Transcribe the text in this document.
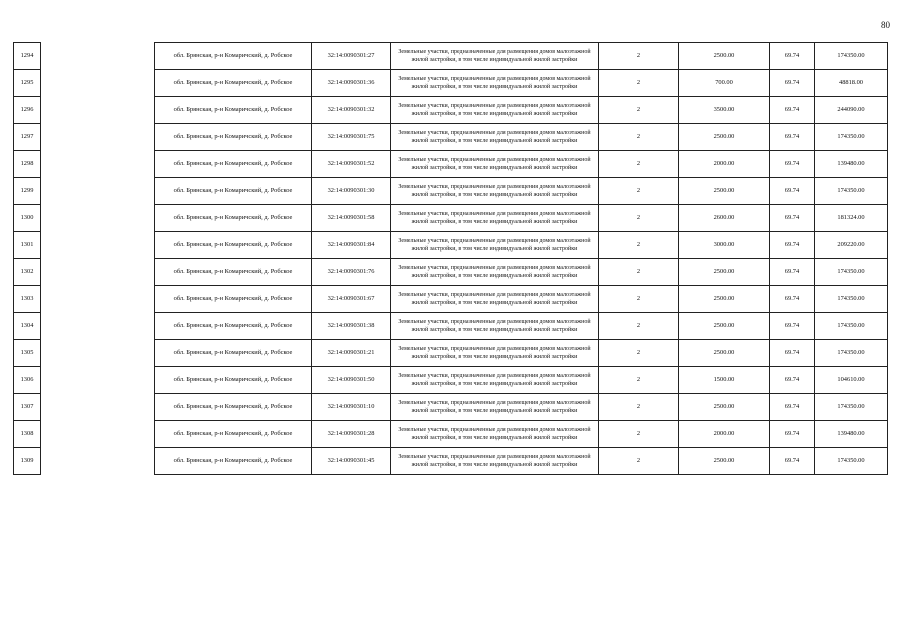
80
1294		обл. Брянская, р-н Комаричский, д. Робское	32:14:0090301:27	Земельные участки, предназначенные для размещения домов малоэтажной жилой застройки, в том числе индивидуальной жилой застройки	2	2500.00	69.74	174350.00
1295		обл. Брянская, р-н Комаричский, д. Робское	32:14:0090301:36	Земельные участки, предназначенные для размещения домов малоэтажной жилой застройки, в том числе индивидуальной жилой застройки	2	700.00	69.74	48818.00
1296		обл. Брянская, р-н Комаричский, д. Робское	32:14:0090301:32	Земельные участки, предназначенные для размещения домов малоэтажной жилой застройки, в том числе индивидуальной жилой застройки	2	3500.00	69.74	244090.00
1297		обл. Брянская, р-н Комаричский, д. Робское	32:14:0090301:75	Земельные участки, предназначенные для размещения домов малоэтажной жилой застройки, в том числе индивидуальной жилой застройки	2	2500.00	69.74	174350.00
1298		обл. Брянская, р-н Комаричский, д. Робское	32:14:0090301:52	Земельные участки, предназначенные для размещения домов малоэтажной жилой застройки, в том числе индивидуальной жилой застройки	2	2000.00	69.74	139480.00
1299		обл. Брянская, р-н Комаричский, д. Робское	32:14:0090301:30	Земельные участки, предназначенные для размещения домов малоэтажной жилой застройки, в том числе индивидуальной жилой застройки	2	2500.00	69.74	174350.00
1300		обл. Брянская, р-н Комаричский, д. Робское	32:14:0090301:58	Земельные участки, предназначенные для размещения домов малоэтажной жилой застройки, в том числе индивидуальной жилой застройки	2	2600.00	69.74	181324.00
1301		обл. Брянская, р-н Комаричский, д. Робское	32:14:0090301:84	Земельные участки, предназначенные для размещения домов малоэтажной жилой застройки, в том числе индивидуальной жилой застройки	2	3000.00	69.74	209220.00
1302		обл. Брянская, р-н Комаричский, д. Робское	32:14:0090301:76	Земельные участки, предназначенные для размещения домов малоэтажной жилой застройки, в том числе индивидуальной жилой застройки	2	2500.00	69.74	174350.00
1303		обл. Брянская, р-н Комаричский, д. Робское	32:14:0090301:67	Земельные участки, предназначенные для размещения домов малоэтажной жилой застройки, в том числе индивидуальной жилой застройки	2	2500.00	69.74	174350.00
1304		обл. Брянская, р-н Комаричский, д. Робское	32:14:0090301:38	Земельные участки, предназначенные для размещения домов малоэтажной жилой застройки, в том числе индивидуальной жилой застройки	2	2500.00	69.74	174350.00
1305		обл. Брянская, р-н Комаричский, д. Робское	32:14:0090301:21	Земельные участки, предназначенные для размещения домов малоэтажной жилой застройки, в том числе индивидуальной жилой застройки	2	2500.00	69.74	174350.00
1306		обл. Брянская, р-н Комаричский, д. Робское	32:14:0090301:50	Земельные участки, предназначенные для размещения домов малоэтажной жилой застройки, в том числе индивидуальной жилой застройки	2	1500.00	69.74	104610.00
1307		обл. Брянская, р-н Комаричский, д. Робское	32:14:0090301:10	Земельные участки, предназначенные для размещения домов малоэтажной жилой застройки, в том числе индивидуальной жилой застройки	2	2500.00	69.74	174350.00
1308		обл. Брянская, р-н Комаричский, д. Робское	32:14:0090301:28	Земельные участки, предназначенные для размещения домов малоэтажной жилой застройки, в том числе индивидуальной жилой застройки	2	2000.00	69.74	139480.00
1309		обл. Брянская, р-н Комаричский, д. Робское	32:14:0090301:45	Земельные участки, предназначенные для размещения домов малоэтажной жилой застройки, в том числе индивидуальной жилой застройки	2	2500.00	69.74	174350.00
